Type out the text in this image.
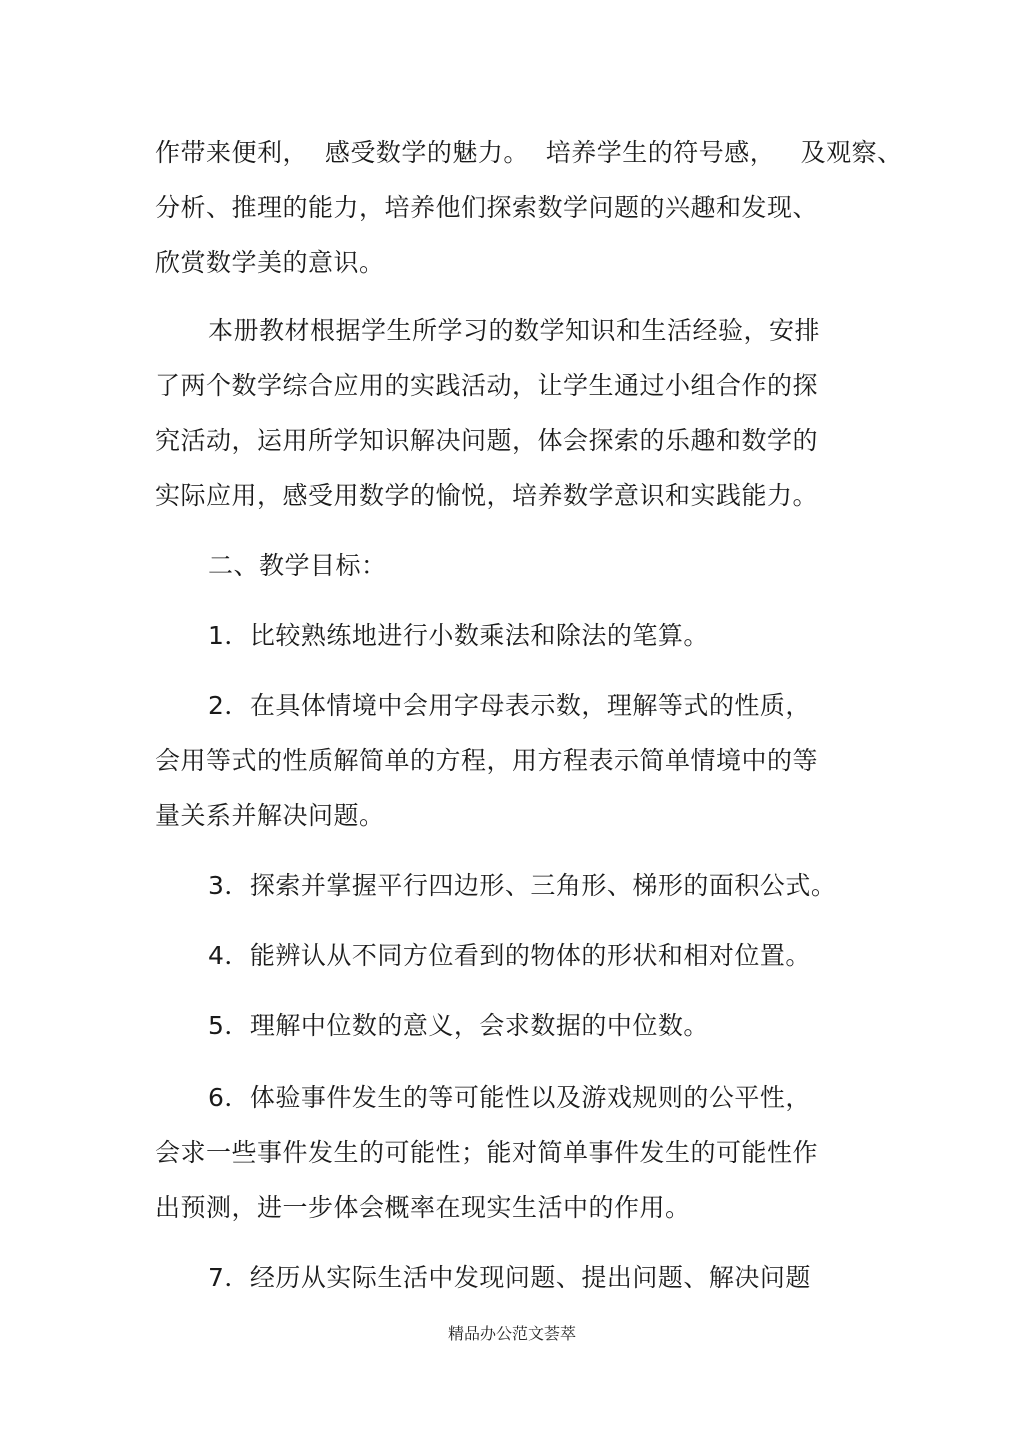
作带来便利，  感受数学的魅力。  培养学生的符号感，   及观察、
分析、推理的能力，培养他们探索数学问题的兴趣和发现、
欣赏数学美的意识。
本册教材根据学生所学习的数学知识和生活经验，安排
了两个数学综合应用的实践活动，让学生通过小组合作的探
究活动，运用所学知识解决问题，体会探索的乐趣和数学的
实际应用，感受用数学的愉悦，培养数学意识和实践能力。
二、教学目标：
1．比较熟练地进行小数乘法和除法的笔算。
2．在具体情境中会用字母表示数，理解等式的性质，
会用等式的性质解简单的方程，用方程表示简单情境中的等
量关系并解决问题。
3．探索并掌握平行四边形、三角形、梯形的面积公式。
4．能辨认从不同方位看到的物体的形状和相对位置。
5．理解中位数的意义，会求数据的中位数。
6．体验事件发生的等可能性以及游戏规则的公平性，
会求一些事件发生的可能性；能对简单事件发生的可能性作
出预测，进一步体会概率在现实生活中的作用。
7．经历从实际生活中发现问题、提出问题、解决问题
精品办公范文荟萃
